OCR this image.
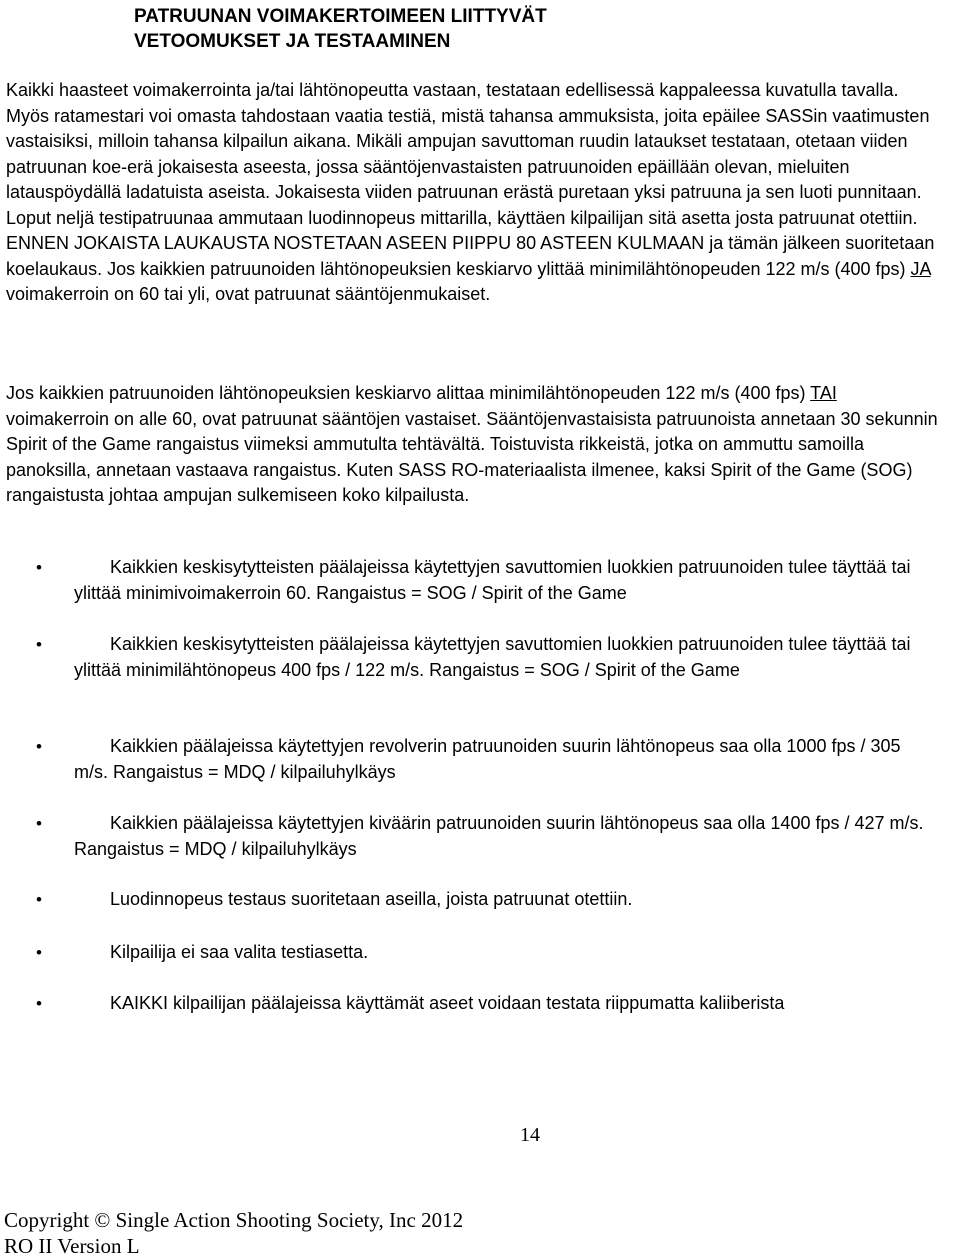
PATRUUNAN VOIMAKERTOIMEEN LIITTYVÄT
VETOOMUKSET JA TESTAAMINEN

Kaikki haasteet voimakerrointa ja/tai lähtönopeutta vastaan, testataan edellisessä kappaleessa kuvatulla tavalla. Myös ratamestari voi omasta tahdostaan vaatia testiä, mistä tahansa ammuksista, joita epäilee SASSin vaatimusten vastaisiksi, milloin tahansa kilpailun aikana. Mikäli ampujan savuttoman ruudin lataukset testataan, otetaan viiden patruunan koe-erä jokaisesta aseesta, jossa sääntöjenvastaisten patruunoiden epäillään olevan, mieluiten latauspöydällä ladatuista aseista. Jokaisesta viiden patruunan erästä puretaan yksi patruuna ja sen luoti punnitaan. Loput neljä testipatruunaa ammutaan luodinnopeus mittarilla, käyttäen kilpailijan sitä asetta josta patruunat otettiin. ENNEN JOKAISTA LAUKAUSTA NOSTETAAN ASEEN PIIPPU 80 ASTEEN KULMAAN ja tämän jälkeen suoritetaan koelaukaus. Jos kaikkien patruunoiden lähtönopeuksien keskiarvo ylittää minimilähtönopeuden 122 m/s (400 fps) JA voimakerroin on 60 tai yli, ovat patruunat sääntöjenmukaiset.

Jos kaikkien patruunoiden lähtönopeuksien keskiarvo alittaa minimilähtönopeuden 122 m/s (400 fps) TAI voimakerroin on alle 60, ovat patruunat sääntöjen vastaiset. Sääntöjenvastaisista patruunoista annetaan 30 sekunnin Spirit of the Game rangaistus viimeksi ammutulta tehtävältä. Toistuvista rikkeistä, jotka on ammuttu samoilla panoksilla, annetaan vastaava rangaistus. Kuten SASS RO-materiaalista ilmenee, kaksi Spirit of the Game (SOG) rangaistusta johtaa ampujan sulkemiseen koko kilpailusta.

•	Kaikkien keskisytytteisten päälajeissa käytettyjen savuttomien luokkien patruunoiden tulee täyttää tai ylittää minimivoimakerroin 60. Rangaistus = SOG / Spirit of the Game
•	Kaikkien keskisytytteisten päälajeissa käytettyjen savuttomien luokkien patruunoiden tulee täyttää tai ylittää minimilähtönopeus 400 fps / 122 m/s. Rangaistus = SOG / Spirit of the Game
•	Kaikkien päälajeissa käytettyjen revolverin patruunoiden suurin lähtönopeus saa olla 1000 fps / 305 m/s. Rangaistus = MDQ / kilpailuhylkäys
•	Kaikkien päälajeissa käytettyjen kiväärin patruunoiden suurin lähtönopeus saa olla 1400 fps / 427 m/s. Rangaistus = MDQ / kilpailuhylkäys
•	Luodinnopeus testaus suoritetaan aseilla, joista patruunat otettiin.
•	Kilpailija ei saa valita testiasetta.
•	KAIKKI kilpailijan päälajeissa käyttämät aseet voidaan testata riippumatta kaliiberista
14
Copyright © Single Action Shooting Society, Inc 2012
RO II Version L
